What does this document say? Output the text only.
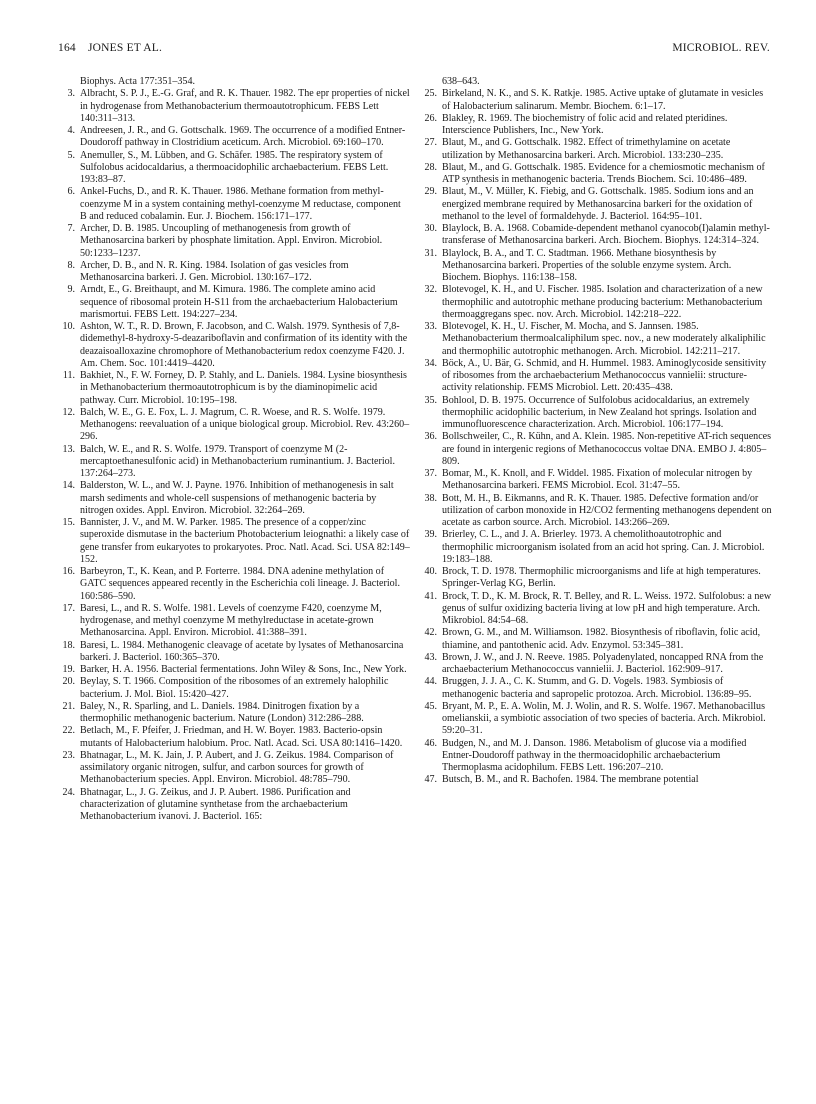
164 JONES ET AL.	MICROBIOL. REV.
Biophys. Acta 177:351–354.
3. Albracht, S. P. J., E.-G. Graf, and R. K. Thauer. 1982. The epr properties of nickel in hydrogenase from Methanobacterium thermoautotrophicum. FEBS Lett 140:311–313.
4. Andreesen, J. R., and G. Gottschalk. 1969. The occurrence of a modified Entner-Doudoroff pathway in Clostridium aceticum. Arch. Microbiol. 69:160–170.
5. Anemuller, S., M. Lübben, and G. Schäfer. 1985. The respiratory system of Sulfolobus acidocaldarius, a thermoacidophilic archaebacterium. FEBS Lett. 193:83–87.
6. Ankel-Fuchs, D., and R. K. Thauer. 1986. Methane formation from methyl-coenzyme M in a system containing methyl-coenzyme M reductase, component B and reduced cobalamin. Eur. J. Biochem. 156:171–177.
7. Archer, D. B. 1985. Uncoupling of methanogenesis from growth of Methanosarcina barkeri by phosphate limitation. Appl. Environ. Microbiol. 50:1233–1237.
8. Archer, D. B., and N. R. King. 1984. Isolation of gas vesicles from Methanosarcina barkeri. J. Gen. Microbiol. 130:167–172.
9. Arndt, E., G. Breithaupt, and M. Kimura. 1986. The complete amino acid sequence of ribosomal protein H-S11 from the archaebacterium Halobacterium marismortui. FEBS Lett. 194:227–234.
10. Ashton, W. T., R. D. Brown, F. Jacobson, and C. Walsh. 1979. Synthesis of 7,8-didemethyl-8-hydroxy-5-deazariboflavin and confirmation of its identity with the deazaisoalloxazine chromophore of Methanobacterium redox coenzyme F420. J. Am. Chem. Soc. 101:4419–4420.
11. Bakhiet, N., F. W. Forney, D. P. Stahly, and L. Daniels. 1984. Lysine biosynthesis in Methanobacterium thermoautotrophicum is by the diaminopimelic acid pathway. Curr. Microbiol. 10:195–198.
12. Balch, W. E., G. E. Fox, L. J. Magrum, C. R. Woese, and R. S. Wolfe. 1979. Methanogens: reevaluation of a unique biological group. Microbiol. Rev. 43:260–296.
13. Balch, W. E., and R. S. Wolfe. 1979. Transport of coenzyme M (2-mercaptoethanesulfonic acid) in Methanobacterium ruminantium. J. Bacteriol. 137:264–273.
14. Balderston, W. L., and W. J. Payne. 1976. Inhibition of methanogenesis in salt marsh sediments and whole-cell suspensions of methanogenic bacteria by nitrogen oxides. Appl. Environ. Microbiol. 32:264–269.
15. Bannister, J. V., and M. W. Parker. 1985. The presence of a copper/zinc superoxide dismutase in the bacterium Photobacterium leiognathi: a likely case of gene transfer from eukaryotes to prokaryotes. Proc. Natl. Acad. Sci. USA 82:149–152.
16. Barbeyron, T., K. Kean, and P. Forterre. 1984. DNA adenine methylation of GATC sequences appeared recently in the Escherichia coli lineage. J. Bacteriol. 160:586–590.
17. Baresi, L., and R. S. Wolfe. 1981. Levels of coenzyme F420, coenzyme M, hydrogenase, and methyl coenzyme M methylreductase in acetate-grown Methanosarcina. Appl. Environ. Microbiol. 41:388–391.
18. Baresi, L. 1984. Methanogenic cleavage of acetate by lysates of Methanosarcina barkeri. J. Bacteriol. 160:365–370.
19. Barker, H. A. 1956. Bacterial fermentations. John Wiley & Sons, Inc., New York.
20. Beylay, S. T. 1966. Composition of the ribosomes of an extremely halophilic bacterium. J. Mol. Biol. 15:420–427.
21. Baley, N., R. Sparling, and L. Daniels. 1984. Dinitrogen fixation by a thermophilic methanogenic bacterium. Nature (London) 312:286–288.
22. Betlach, M., F. Pfeifer, J. Friedman, and H. W. Boyer. 1983. Bacterio-opsin mutants of Halobacterium halobium. Proc. Natl. Acad. Sci. USA 80:1416–1420.
23. Bhatnagar, L., M. K. Jain, J. P. Aubert, and J. G. Zeikus. 1984. Comparison of assimilatory organic nitrogen, sulfur, and carbon sources for growth of Methanobacterium species. Appl. Environ. Microbiol. 48:785–790.
24. Bhatnagar, L., J. G. Zeikus, and J. P. Aubert. 1986. Purification and characterization of glutamine synthetase from the archaebacterium Methanobacterium ivanovi. J. Bacteriol. 165:
638–643.
25. Birkeland, N. K., and S. K. Ratkje. 1985. Active uptake of glutamate in vesicles of Halobacterium salinarum. Membr. Biochem. 6:1–17.
26. Blakley, R. 1969. The biochemistry of folic acid and related pteridines. Interscience Publishers, Inc., New York.
27. Blaut, M., and G. Gottschalk. 1982. Effect of trimethylamine on acetate utilization by Methanosarcina barkeri. Arch. Microbiol. 133:230–235.
28. Blaut, M., and G. Gottschalk. 1985. Evidence for a chemiosmotic mechanism of ATP synthesis in methanogenic bacteria. Trends Biochem. Sci. 10:486–489.
29. Blaut, M., V. Müller, K. Fiebig, and G. Gottschalk. 1985. Sodium ions and an energized membrane required by Methanosarcina barkeri for the oxidation of methanol to the level of formaldehyde. J. Bacteriol. 164:95–101.
30. Blaylock, B. A. 1968. Cobamide-dependent methanol cyanocob(I)alamin methyl-transferase of Methanosarcina barkeri. Arch. Biochem. Biophys. 124:314–324.
31. Blaylock, B. A., and T. C. Stadtman. 1966. Methane biosynthesis by Methanosarcina barkeri. Properties of the soluble enzyme system. Arch. Biochem. Biophys. 116:138–158.
32. Blotevogel, K. H., and U. Fischer. 1985. Isolation and characterization of a new thermophilic and autotrophic methane producing bacterium: Methanobacterium thermoaggregans spec. nov. Arch. Microbiol. 142:218–222.
33. Blotevogel, K. H., U. Fischer, M. Mocha, and S. Jannsen. 1985. Methanobacterium thermoalcaliphilum spec. nov., a new moderately alkaliphilic and thermophilic autotrophic methanogen. Arch. Microbiol. 142:211–217.
34. Böck, A., U. Bär, G. Schmid, and H. Hummel. 1983. Aminoglycoside sensitivity of ribosomes from the archaebacterium Methanococcus vannielii: structure-activity relationship. FEMS Microbiol. Lett. 20:435–438.
35. Bohlool, D. B. 1975. Occurrence of Sulfolobus acidocaldarius, an extremely thermophilic acidophilic bacterium, in New Zealand hot springs. Isolation and immunofluorescence characterization. Arch. Microbiol. 106:177–194.
36. Bollschweiler, C., R. Kühn, and A. Klein. 1985. Non-repetitive AT-rich sequences are found in intergenic regions of Methanococcus voltae DNA. EMBO J. 4:805–809.
37. Bomar, M., K. Knoll, and F. Widdel. 1985. Fixation of molecular nitrogen by Methanosarcina barkeri. FEMS Microbiol. Ecol. 31:47–55.
38. Bott, M. H., B. Eikmanns, and R. K. Thauer. 1985. Defective formation and/or utilization of carbon monoxide in H2/CO2 fermenting methanogens dependent on acetate as carbon source. Arch. Microbiol. 143:266–269.
39. Brierley, C. L., and J. A. Brierley. 1973. A chemolithoautotrophic and thermophilic microorganism isolated from an acid hot spring. Can. J. Microbiol. 19:183–188.
40. Brock, T. D. 1978. Thermophilic microorganisms and life at high temperatures. Springer-Verlag KG, Berlin.
41. Brock, T. D., K. M. Brock, R. T. Belley, and R. L. Weiss. 1972. Sulfolobus: a new genus of sulfur oxidizing bacteria living at low pH and high temperature. Arch. Mikrobiol. 84:54–68.
42. Brown, G. M., and M. Williamson. 1982. Biosynthesis of riboflavin, folic acid, thiamine, and pantothenic acid. Adv. Enzymol. 53:345–381.
43. Brown, J. W., and J. N. Reeve. 1985. Polyadenylated, noncapped RNA from the archaebacterium Methanococcus vannielii. J. Bacteriol. 162:909–917.
44. Bruggen, J. J. A., C. K. Stumm, and G. D. Vogels. 1983. Symbiosis of methanogenic bacteria and sapropelic protozoa. Arch. Microbiol. 136:89–95.
45. Bryant, M. P., E. A. Wolin, M. J. Wolin, and R. S. Wolfe. 1967. Methanobacillus omelianskii, a symbiotic association of two species of bacteria. Arch. Mikrobiol. 59:20–31.
46. Budgen, N., and M. J. Danson. 1986. Metabolism of glucose via a modified Entner-Doudoroff pathway in the thermoacidophilic archaebacterium Thermoplasma acidophilum. FEBS Lett. 196:207–210.
47. Butsch, B. M., and R. Bachofen. 1984. The membrane potential
